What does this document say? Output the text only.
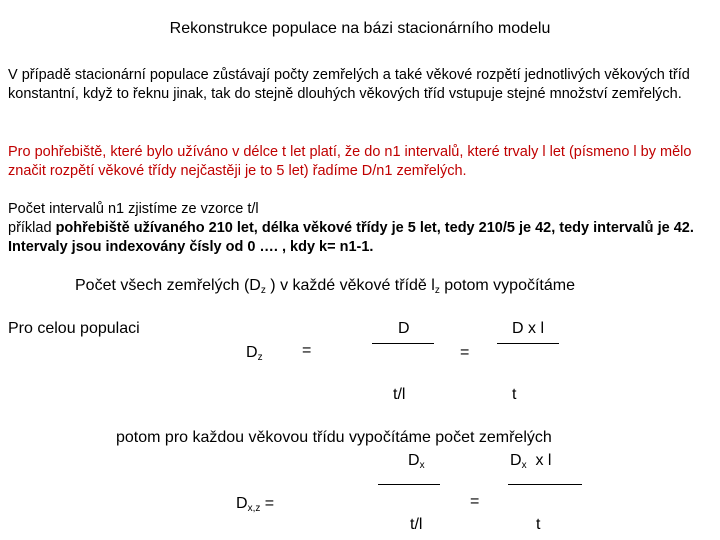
Rekonstrukce populace na bázi stacionárního modelu
V případě stacionární populace zůstávají počty zemřelých a také věkové rozpětí jednotlivých věkových tříd konstantní, když to řeknu jinak, tak do stejně dlouhých věkových tříd vstupuje stejné množství zemřelých.
Pro pohřebiště, které bylo užíváno v délce t let platí, že do n1 intervalů, které trvaly l let (písmeno l by mělo značit rozpětí věkové třídy nejčastěji je to 5 let) řadíme D/n1 zemřelých.
Počet intervalů n1 zjistíme ze vzorce t/l
příklad pohřebiště užívaného 210 let, délka věkové třídy je 5 let, tedy 210/5 je 42, tedy intervalů je 42. Intervaly jsou indexovány čísly od 0 …. , kdy k= n1-1.
Počet všech zemřelých ($D_z$ ) v každé věkové třídě $l_z$ potom vypočítáme
Pro celou populaci	D	D x l
$D_z$ =	=
t/l	t
potom pro každou věkovou třídu vypočítáme počet zemřelých
$D_x$	$D_x$  x l
$D_{x,z}$ =	=
t/l	t
